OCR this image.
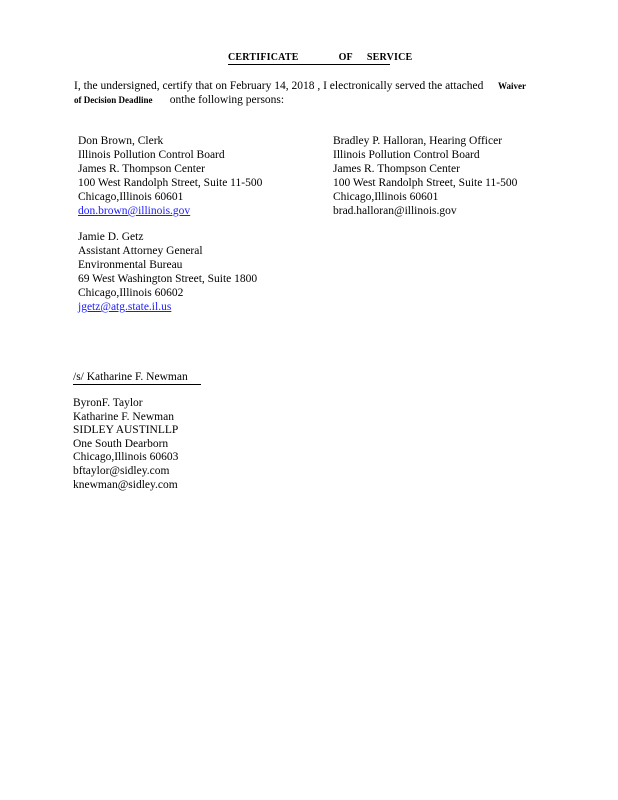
CERTIFICATE	OF SERVICE
I, the undersigned, certify that on February 14, 2018 , I electronically served the attached Waiver
of Decision Deadline onthe following persons:
Don Brown, Clerk
Illinois Pollution Control Board
James R. Thompson Center
100 West Randolph Street, Suite 11-500
Chicago,Illinois 60601
don.brown@illinois.gov
Bradley P. Halloran, Hearing Officer
Illinois Pollution Control Board
James R. Thompson Center
100 West Randolph Street, Suite 11-500
Chicago,Illinois 60601
brad.halloran@illinois.gov
Jamie D. Getz
Assistant Attorney General
Environmental Bureau
69 West Washington Street, Suite 1800
Chicago,Illinois 60602
jgetz@atg.state.il.us
/s/ Katharine F. Newman
ByronF. Taylor
Katharine F. Newman
SIDLEY AUSTINLLP
One South Dearborn
Chicago,Illinois 60603
bftaylor@sidley.com
knewman@sidley.com
